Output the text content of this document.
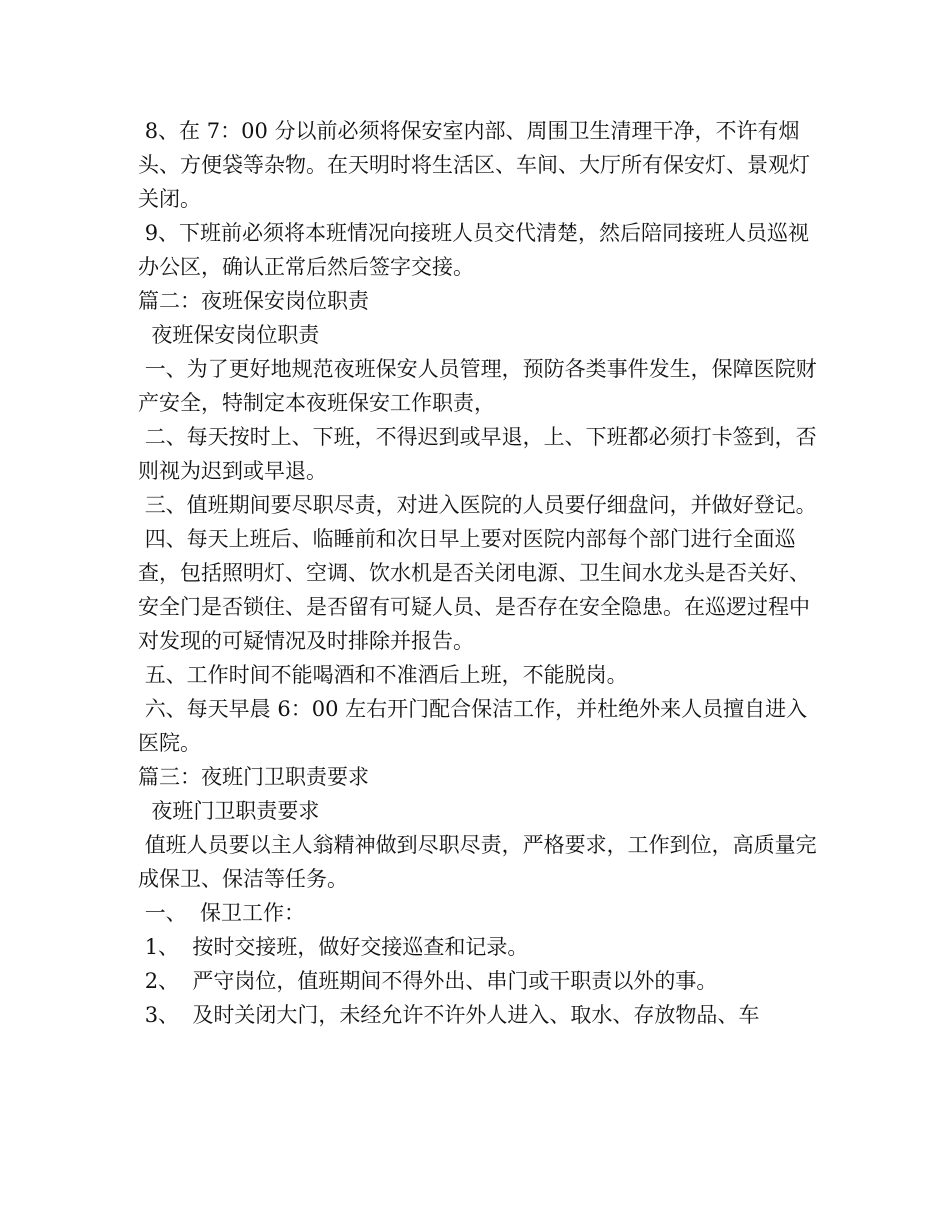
8、在 7：00 分以前必须将保安室内部、周围卫生清理干净，不许有烟头、方便袋等杂物。在天明时将生活区、车间、大厅所有保安灯、景观灯关闭。

9、下班前必须将本班情况向接班人员交代清楚，然后陪同接班人员巡视办公区，确认正常后然后签字交接。

篇二：夜班保安岗位职责

夜班保安岗位职责

一、为了更好地规范夜班保安人员管理，预防各类事件发生，保障医院财产安全，特制定本夜班保安工作职责，

二、每天按时上、下班，不得迟到或早退，上、下班都必须打卡签到，否则视为迟到或早退。

三、值班期间要尽职尽责，对进入医院的人员要仔细盘问，并做好登记。

四、每天上班后、临睡前和次日早上要对医院内部每个部门进行全面巡查，包括照明灯、空调、饮水机是否关闭电源、卫生间水龙头是否关好、安全门是否锁住、是否留有可疑人员、是否存在安全隐患。在巡逻过程中对发现的可疑情况及时排除并报告。

五、工作时间不能喝酒和不准酒后上班，不能脱岗。

六、每天早晨 6：00 左右开门配合保洁工作，并杜绝外来人员擅自进入医院。

篇三：夜班门卫职责要求

夜班门卫职责要求

值班人员要以主人翁精神做到尽职尽责，严格要求，工作到位，高质量完成保卫、保洁等任务。

一、  保卫工作：

1、  按时交接班，做好交接巡查和记录。

2、  严守岗位，值班期间不得外出、串门或干职责以外的事。

3、  及时关闭大门，未经允许不许外人进入、取水、存放物品、车
